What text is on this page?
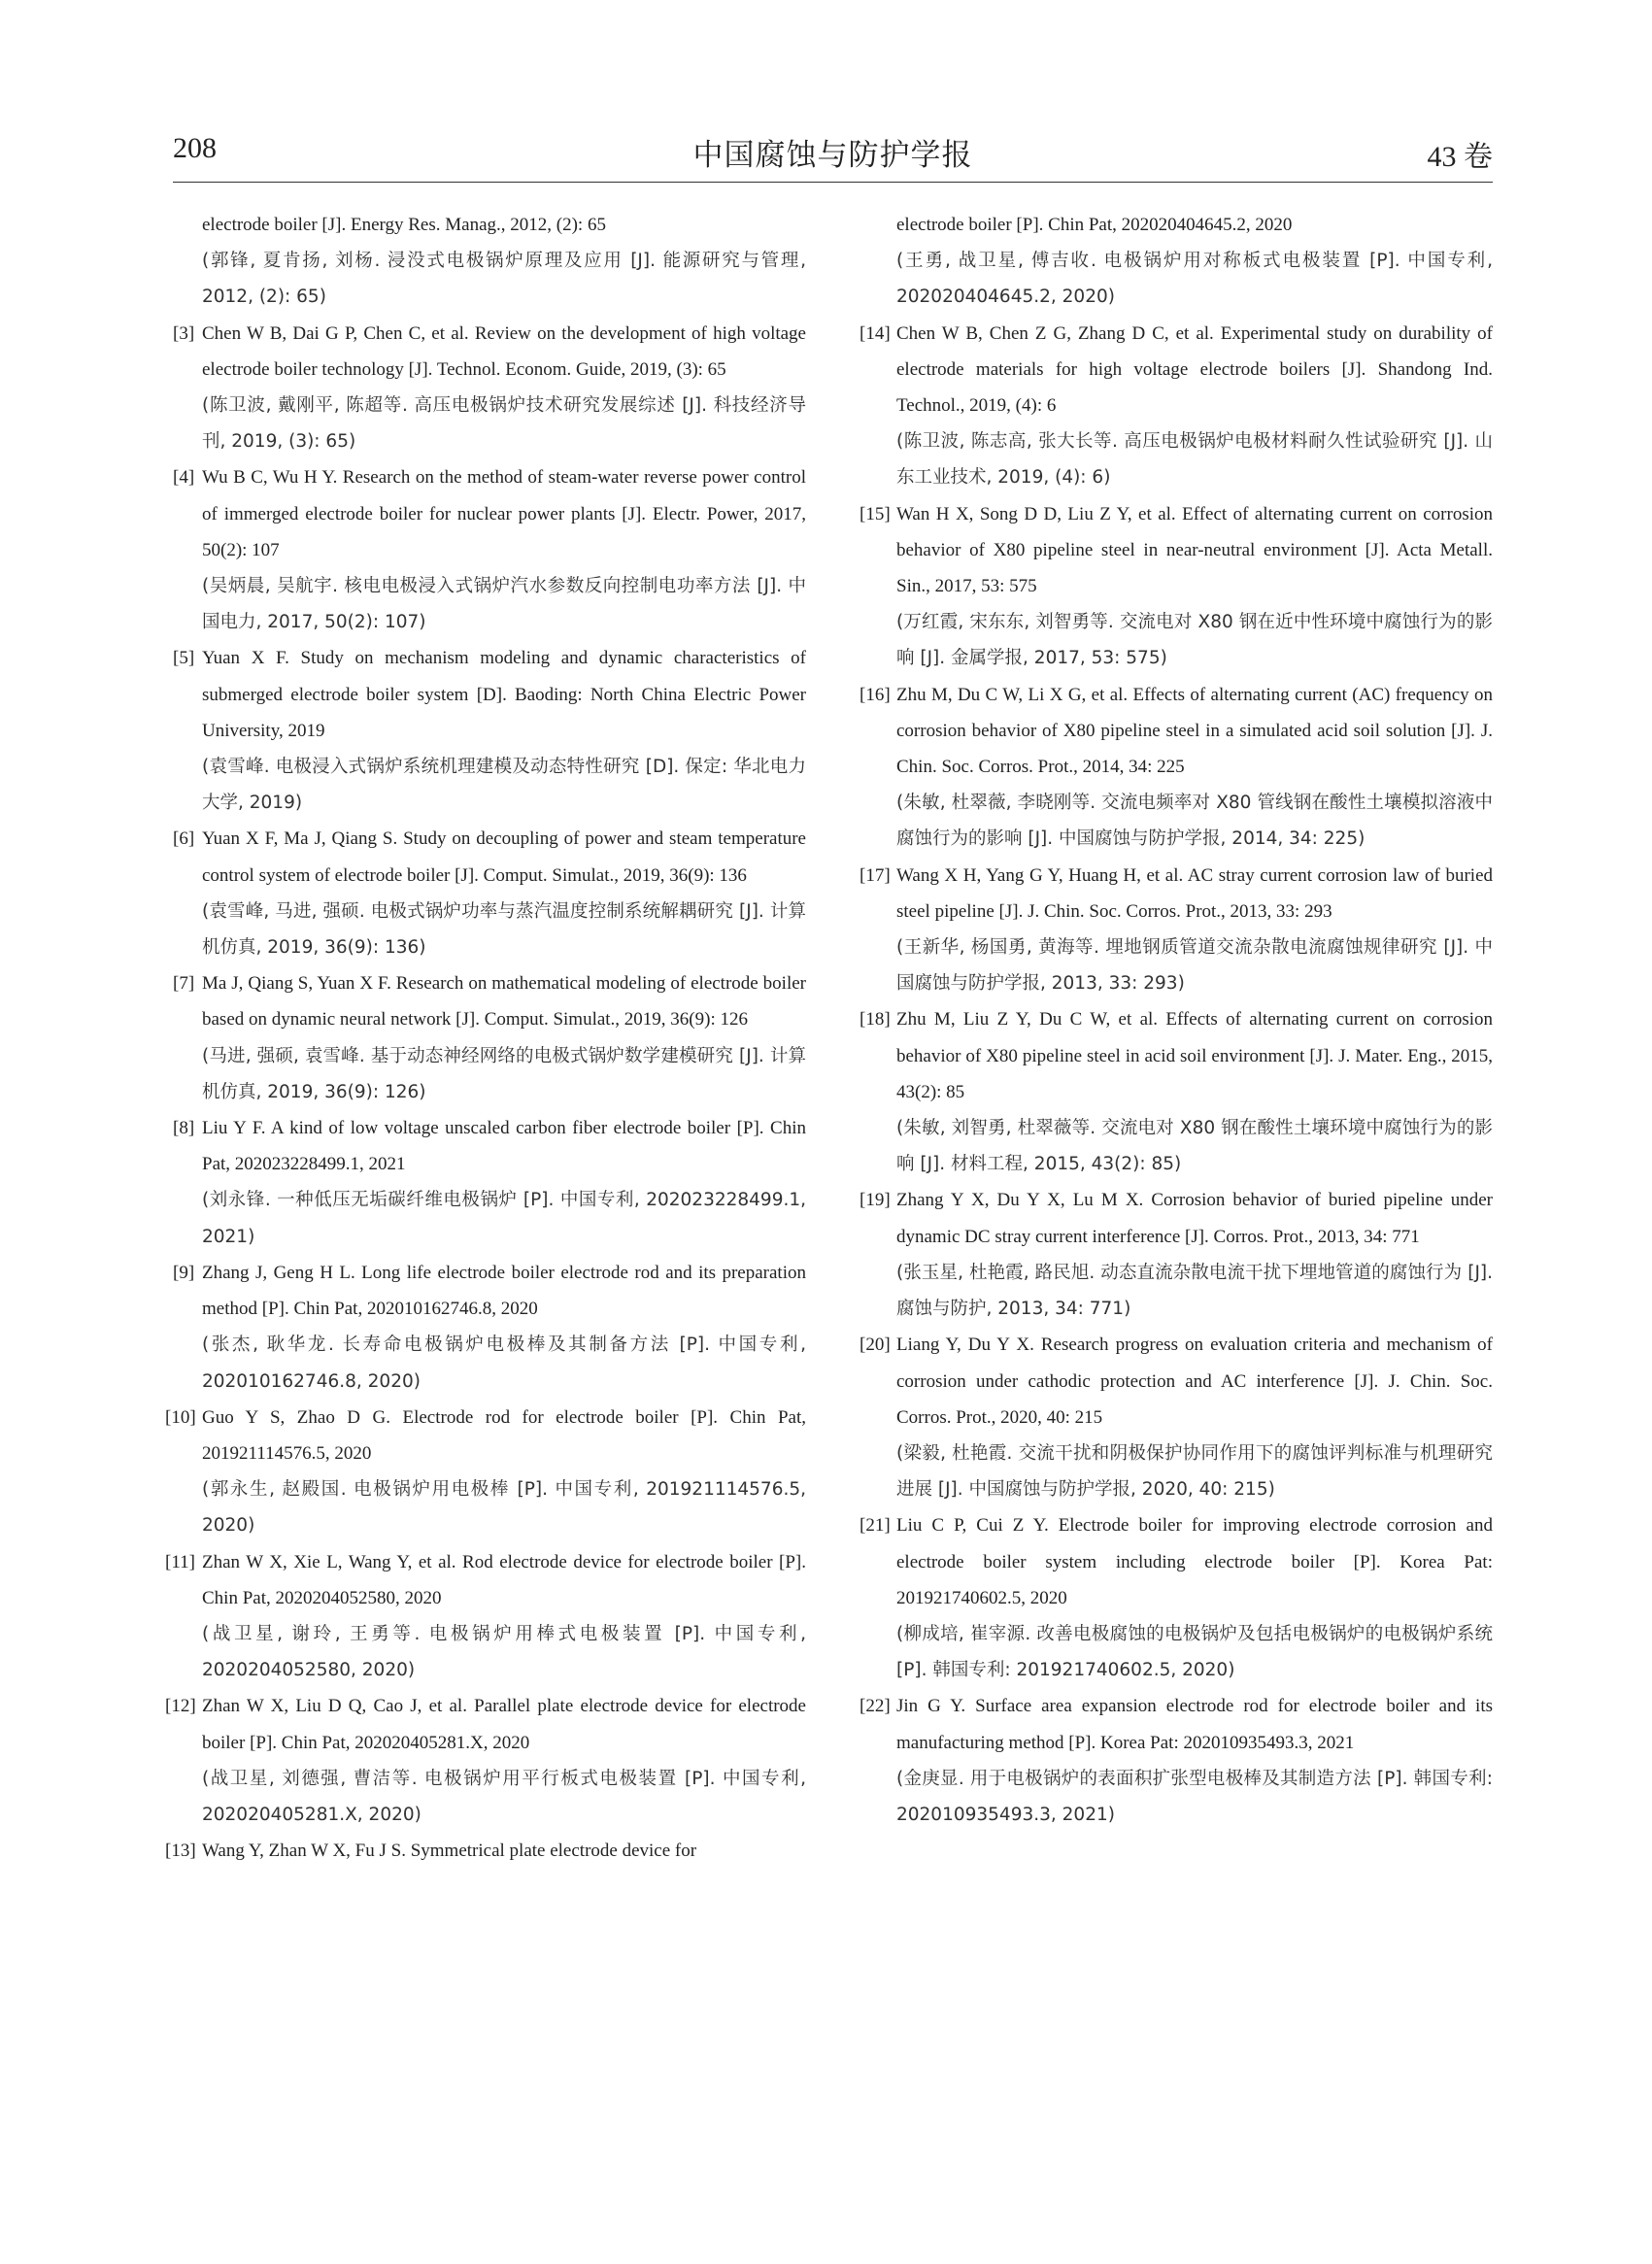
208	中国腐蚀与防护学报	43 卷
electrode boiler [J]. Energy Res. Manag., 2012, (2): 65
(郭锋, 夏肯扬, 刘杨. 浸没式电极锅炉原理及应用 [J]. 能源研究与管理, 2012, (2): 65)
[3] Chen W B, Dai G P, Chen C, et al. Review on the development of high voltage electrode boiler technology [J]. Technol. Econom. Guide, 2019, (3): 65
(陈卫波, 戴刚平, 陈超等. 高压电极锅炉技术研究发展综述 [J]. 科技经济导刊, 2019, (3): 65)
[4] Wu B C, Wu H Y. Research on the method of steam-water reverse power control of immerged electrode boiler for nuclear power plants [J]. Electr. Power, 2017, 50(2): 107
(吴炳晨, 吴航宇. 核电电极浸入式锅炉汽水参数反向控制电功率方法 [J]. 中国电力, 2017, 50(2): 107)
[5] Yuan X F. Study on mechanism modeling and dynamic characteristics of submerged electrode boiler system [D]. Baoding: North China Electric Power University, 2019
(袁雪峰. 电极浸入式锅炉系统机理建模及动态特性研究 [D]. 保定: 华北电力大学, 2019)
[6] Yuan X F, Ma J, Qiang S. Study on decoupling of power and steam temperature control system of electrode boiler [J]. Comput. Simulat., 2019, 36(9): 136
(袁雪峰, 马进, 强硕. 电极式锅炉功率与蒸汽温度控制系统解耦研究 [J]. 计算机仿真, 2019, 36(9): 136)
[7] Ma J, Qiang S, Yuan X F. Research on mathematical modeling of electrode boiler based on dynamic neural network [J]. Comput. Simulat., 2019, 36(9): 126
(马进, 强硕, 袁雪峰. 基于动态神经网络的电极式锅炉数学建模研究 [J]. 计算机仿真, 2019, 36(9): 126)
[8] Liu Y F. A kind of low voltage unscaled carbon fiber electrode boiler [P]. Chin Pat, 202023228499.1, 2021
(刘永锋. 一种低压无垢碳纤维电极锅炉 [P]. 中国专利, 202023228499.1, 2021)
[9] Zhang J, Geng H L. Long life electrode boiler electrode rod and its preparation method [P]. Chin Pat, 202010162746.8, 2020
(张杰, 耿华龙. 长寿命电极锅炉电极棒及其制备方法 [P]. 中国专利, 202010162746.8, 2020)
[10] Guo Y S, Zhao D G. Electrode rod for electrode boiler [P]. Chin Pat, 201921114576.5, 2020
(郭永生, 赵殿国. 电极锅炉用电极棒 [P]. 中国专利, 201921114576.5, 2020)
[11] Zhan W X, Xie L, Wang Y, et al. Rod electrode device for electrode boiler [P]. Chin Pat, 2020204052580, 2020
(战卫星, 谢玲, 王勇等. 电极锅炉用棒式电极装置 [P]. 中国专利, 2020204052580, 2020)
[12] Zhan W X, Liu D Q, Cao J, et al. Parallel plate electrode device for electrode boiler [P]. Chin Pat, 202020405281.X, 2020
(战卫星, 刘德强, 曹洁等. 电极锅炉用平行板式电极装置 [P]. 中国专利, 202020405281.X, 2020)
[13] Wang Y, Zhan W X, Fu J S. Symmetrical plate electrode device for
electrode boiler [P]. Chin Pat, 202020404645.2, 2020
(王勇, 战卫星, 傅吉收. 电极锅炉用对称板式电极装置 [P]. 中国专利, 202020404645.2, 2020)
[14] Chen W B, Chen Z G, Zhang D C, et al. Experimental study on durability of electrode materials for high voltage electrode boilers [J]. Shandong Ind. Technol., 2019, (4): 6
(陈卫波, 陈志高, 张大长等. 高压电极锅炉电极材料耐久性试验研究 [J]. 山东工业技术, 2019, (4): 6)
[15] Wan H X, Song D D, Liu Z Y, et al. Effect of alternating current on corrosion behavior of X80 pipeline steel in near-neutral environment [J]. Acta Metall. Sin., 2017, 53: 575
(万红霞, 宋东东, 刘智勇等. 交流电对 X80 钢在近中性环境中腐蚀行为的影响 [J]. 金属学报, 2017, 53: 575)
[16] Zhu M, Du C W, Li X G, et al. Effects of alternating current (AC) frequency on corrosion behavior of X80 pipeline steel in a simulated acid soil solution [J]. J. Chin. Soc. Corros. Prot., 2014, 34: 225
(朱敏, 杜翠薇, 李晓刚等. 交流电频率对 X80 管线钢在酸性土壤模拟溶液中腐蚀行为的影响 [J]. 中国腐蚀与防护学报, 2014, 34: 225)
[17] Wang X H, Yang G Y, Huang H, et al. AC stray current corrosion law of buried steel pipeline [J]. J. Chin. Soc. Corros. Prot., 2013, 33: 293
(王新华, 杨国勇, 黄海等. 埋地钢质管道交流杂散电流腐蚀规律研究 [J]. 中国腐蚀与防护学报, 2013, 33: 293)
[18] Zhu M, Liu Z Y, Du C W, et al. Effects of alternating current on corrosion behavior of X80 pipeline steel in acid soil environment [J]. J. Mater. Eng., 2015, 43(2): 85
(朱敏, 刘智勇, 杜翠薇等. 交流电对 X80 钢在酸性土壤环境中腐蚀行为的影响 [J]. 材料工程, 2015, 43(2): 85)
[19] Zhang Y X, Du Y X, Lu M X. Corrosion behavior of buried pipeline under dynamic DC stray current interference [J]. Corros. Prot., 2013, 34: 771
(张玉星, 杜艳霞, 路民旭. 动态直流杂散电流干扰下埋地管道的腐蚀行为 [J]. 腐蚀与防护, 2013, 34: 771)
[20] Liang Y, Du Y X. Research progress on evaluation criteria and mechanism of corrosion under cathodic protection and AC interference [J]. J. Chin. Soc. Corros. Prot., 2020, 40: 215
(梁毅, 杜艳霞. 交流干扰和阴极保护协同作用下的腐蚀评判标准与机理研究进展 [J]. 中国腐蚀与防护学报, 2020, 40: 215)
[21] Liu C P, Cui Z Y. Electrode boiler for improving electrode corrosion and electrode boiler system including electrode boiler [P]. Korea Pat: 201921740602.5, 2020
(柳成培, 崔宰源. 改善电极腐蚀的电极锅炉及包括电极锅炉的电极锅炉系统 [P]. 韩国专利: 201921740602.5, 2020)
[22] Jin G Y. Surface area expansion electrode rod for electrode boiler and its manufacturing method [P]. Korea Pat: 202010935493.3, 2021
(金庚显. 用于电极锅炉的表面积扩张型电极棒及其制造方法 [P]. 韩国专利: 202010935493.3, 2021)
